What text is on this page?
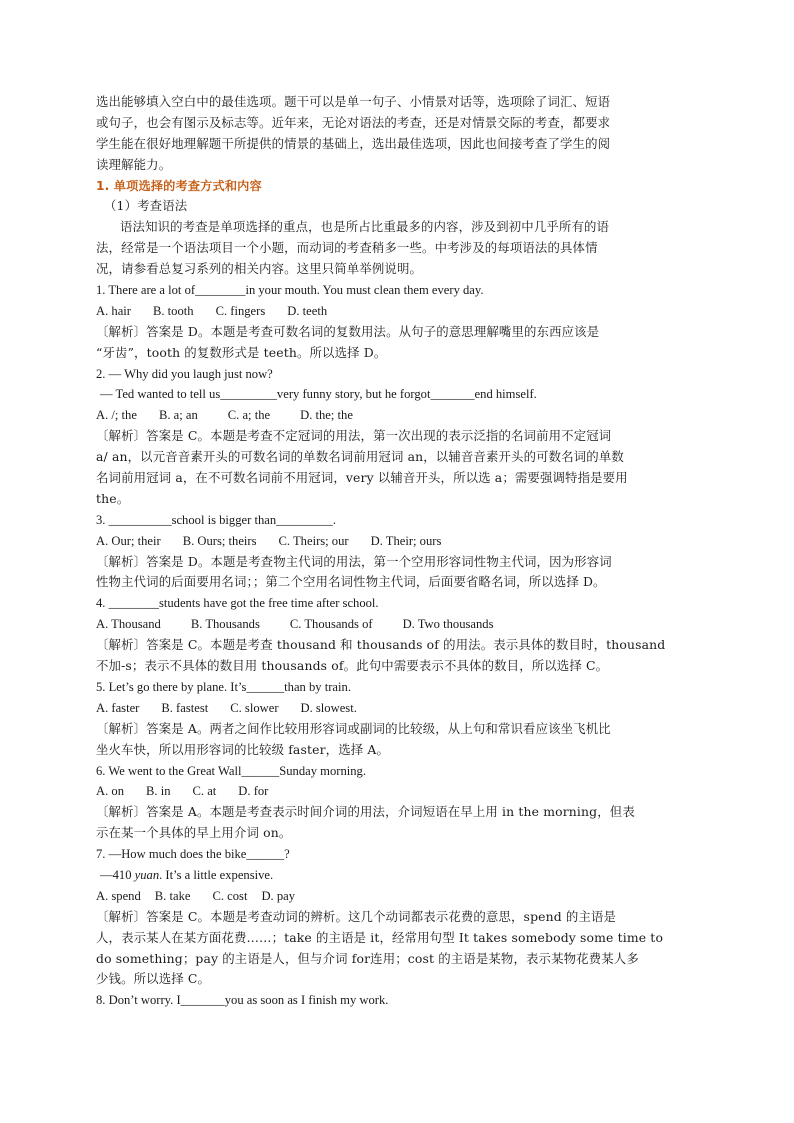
选出能够填入空白中的最佳选项。题干可以是单一句子、小情景对话等，选项除了词汇、短语
或句子，也会有图示及标志等。近年来，无论对语法的考查，还是对情景交际的考查，都要求
学生能在很好地理解题干所提供的情景的基础上，选出最佳选项，因此也间接考查了学生的阅
读理解能力。
1. 单项选择的考查方式和内容
（1）考查语法
语法知识的考查是单项选择的重点，也是所占比重最多的内容，涉及到初中几乎所有的语
法，经常是一个语法项目一个小题，而动词的考查稍多一些。中考涉及的每项语法的具体情
况，请参看总复习系列的相关内容。这里只简单举例说明。
1. There are a lot of________in your mouth. You must clean them every day.
A. hair B. tooth C. fingers D. teeth
〔解析〕答案是 D。本题是考查可数名词的复数用法。从句子的意思理解嘴里的东西应该是
“牙齿”，tooth 的复数形式是 teeth。所以选择 D。
2. — Why did you laugh just now?
— Ted wanted to tell us_________very funny story, but he forgot_______end himself.
A. /; the B. a; an C. a; the D. the; the
〔解析〕答案是 C。本题是考查不定冠词的用法，第一次出现的表示泛指的名词前用不定冠词
a/ an，以元音音素开头的可数名词的单数名词前用冠词 an，以辅音音素开头的可数名词的单数
名词前用冠词 a，在不可数名词前不用冠词，very 以辅音开头，所以选 a；需要强调特指是要用
the。
3. __________school is bigger than_________.
A. Our; their B. Ours; theirs C. Theirs; our D. Their; ours
〔解析〕答案是 D。本题是考查物主代词的用法，第一个空用形容词性物主代词，因为形容词
性物主代词的后面要用名词；；第二个空用名词性物主代词，后面要省略名词，所以选择 D。
4. ________students have got the free time after school.
A. Thousand B. Thousands C. Thousands of D. Two thousands
〔解析〕答案是 C。本题是考查 thousand 和 thousands of 的用法。表示具体的数目时，thousand
不加-s；表示不具体的数目用 thousands of。此句中需要表示不具体的数目，所以选择 C。
5. Let’s go there by plane. It’s______than by train.
A. faster B. fastest C. slower D. slowest.
〔解析〕答案是 A。两者之间作比较用形容词或副词的比较级，从上句和常识看应该坐飞机比
坐火车快，所以用形容词的比较级 faster，选择 A。
6. We went to the Great Wall______Sunday morning.
A. on B. in C. at D. for
〔解析〕答案是 A。本题是考查表示时间介词的用法，介词短语在早上用 in the morning，但表
示在某一个具体的早上用介词 on。
7. —How much does the bike______?
—410 yuan. It’s a little expensive.
A. spend B. take C. cost D. pay
〔解析〕答案是 C。本题是考查动词的辨析。这几个动词都表示花费的意思，spend 的主语是
人，表示某人在某方面花费……；take 的主语是 it，经常用句型 It takes somebody some time to
do something；pay 的主语是人，但与介词 for连用；cost 的主语是某物，表示某物花费某人多
少钱。所以选择 C。
8. Don’t worry. I_______you as soon as I finish my work.
